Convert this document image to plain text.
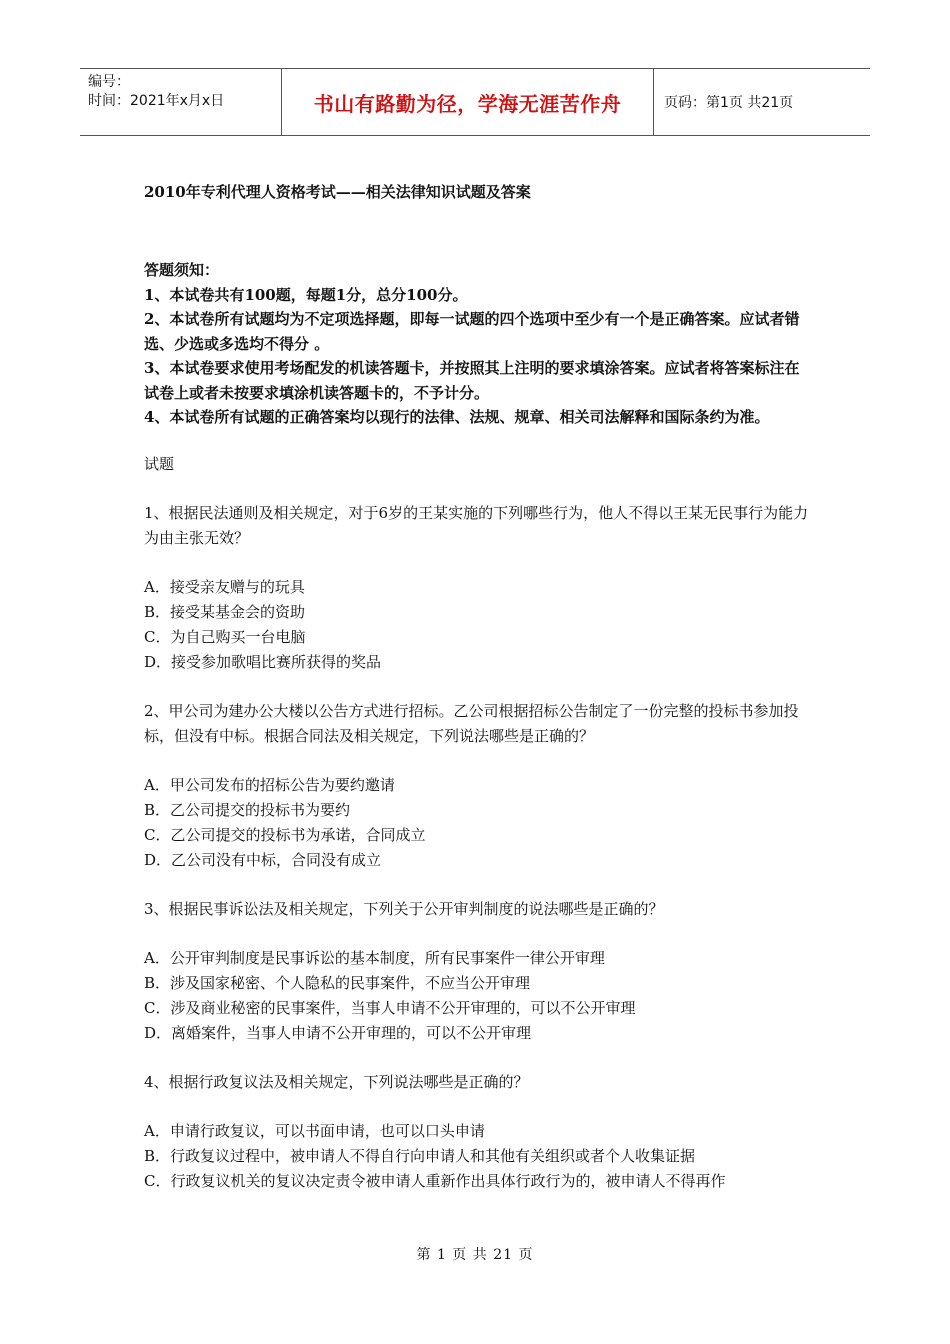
编号：
时间：2021年x月x日	书山有路勤为径，学海无涯苦作舟	页码：第1页 共21页

2010年专利代理人资格考试——相关法律知识试题及答案

答题须知：

1、本试卷共有100题，每题1分，总分100分。

2、本试卷所有试题均为不定项选择题，即每一试题的四个选项中至少有一个是正确答案。应试者错选、少选或多选均不得分 。

3、本试卷要求使用考场配发的机读答题卡，并按照其上注明的要求填涂答案。应试者将答案标注在试卷上或者未按要求填涂机读答题卡的，不予计分。

4、本试卷所有试题的正确答案均以现行的法律、法规、规章、相关司法解释和国际条约为准。

试题

1、根据民法通则及相关规定，对于6岁的王某实施的下列哪些行为，他人不得以王某无民事行为能力为由主张无效？

A．接受亲友赠与的玩具
B．接受某基金会的资助
C．为自己购买一台电脑
D．接受参加歌唱比赛所获得的奖品

2、甲公司为建办公大楼以公告方式进行招标。乙公司根据招标公告制定了一份完整的投标书参加投标，但没有中标。根据合同法及相关规定，下列说法哪些是正确的？

A．甲公司发布的招标公告为要约邀请
B．乙公司提交的投标书为要约
C．乙公司提交的投标书为承诺，合同成立
D．乙公司没有中标，合同没有成立

3、根据民事诉讼法及相关规定，下列关于公开审判制度的说法哪些是正确的？

A．公开审判制度是民事诉讼的基本制度，所有民事案件一律公开审理
B．涉及国家秘密、个人隐私的民事案件，不应当公开审理
C．涉及商业秘密的民事案件，当事人申请不公开审理的，可以不公开审理
D．离婚案件，当事人申请不公开审理的，可以不公开审理

4、根据行政复议法及相关规定，下列说法哪些是正确的？

A．申请行政复议，可以书面申请，也可以口头申请
B．行政复议过程中，被申请人不得自行向申请人和其他有关组织或者个人收集证据
C．行政复议机关的复议决定责令被申请人重新作出具体行政行为的，被申请人不得再作
第 1 页 共 21 页
